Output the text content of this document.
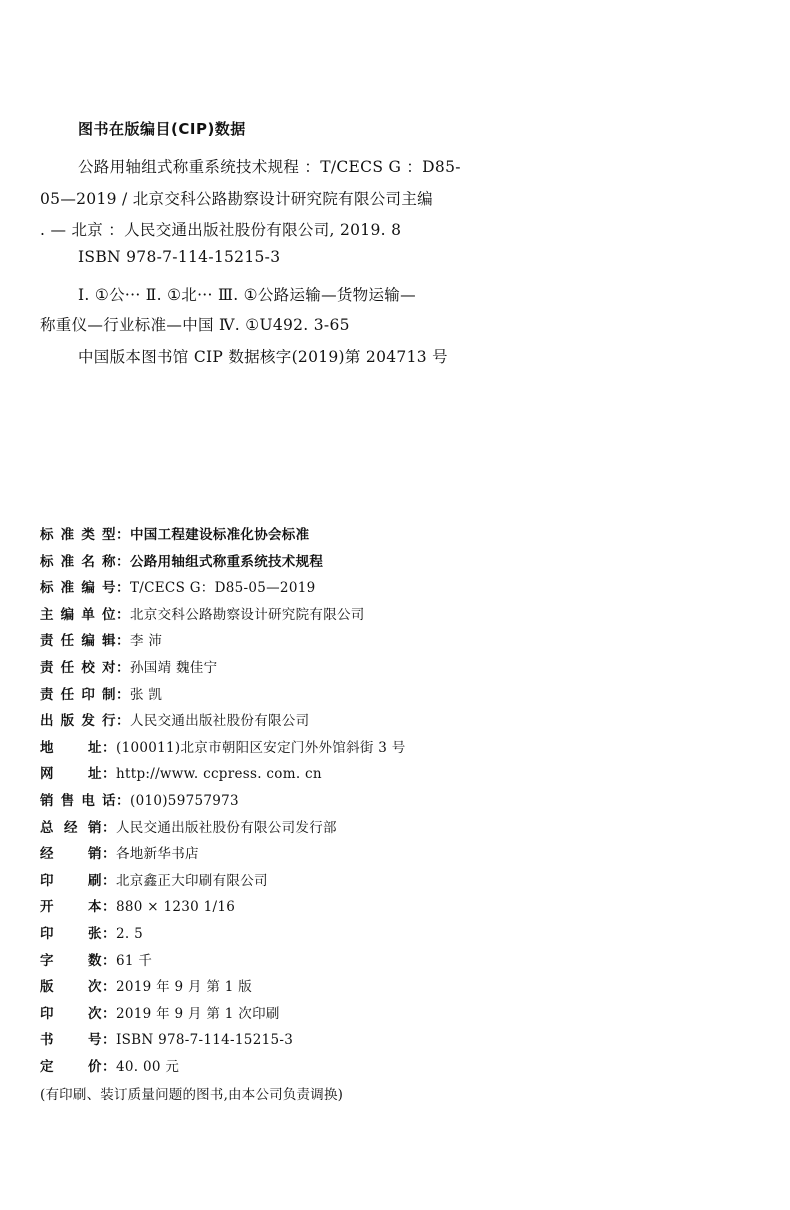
图书在版编目(CIP)数据
公路用轴组式称重系统技术规程 ：T/CECS G ：D85-
05—2019 / 北京交科公路勘察设计研究院有限公司主编
. — 北京 ：人民交通出版社股份有限公司, 2019. 8
ISBN 978-7-114-15215-3
Ⅰ. ①公··· Ⅱ. ①北··· Ⅲ. ①公路运输—货物运输—
称重仪—行业标准—中国 Ⅳ. ①U492. 3-65
中国版本图书馆 CIP 数据核字(2019)第 204713 号
标准类型：中国工程建设标准化协会标准
标准名称：公路用轴组式称重系统技术规程
标准编号：T/CECS G：D85-05—2019
主编单位：北京交科公路勘察设计研究院有限公司
责任编辑：李 沛
责任校对：孙国靖 魏佳宁
责任印制：张 凯
出版发行：人民交通出版社股份有限公司
地址：(100011)北京市朝阳区安定门外外馆斜街 3 号
网址：http://www. ccpress. com. cn
销售电话：(010)59757973
总经销：人民交通出版社股份有限公司发行部
经销：各地新华书店
印刷：北京鑫正大印刷有限公司
开本：880 × 1230 1/16
印张：2. 5
字数：61 千
版次：2019 年 9 月 第 1 版
印次：2019 年 9 月 第 1 次印刷
书号：ISBN 978-7-114-15215-3
定价：40. 00 元
(有印刷、装订质量问题的图书,由本公司负责调换)
